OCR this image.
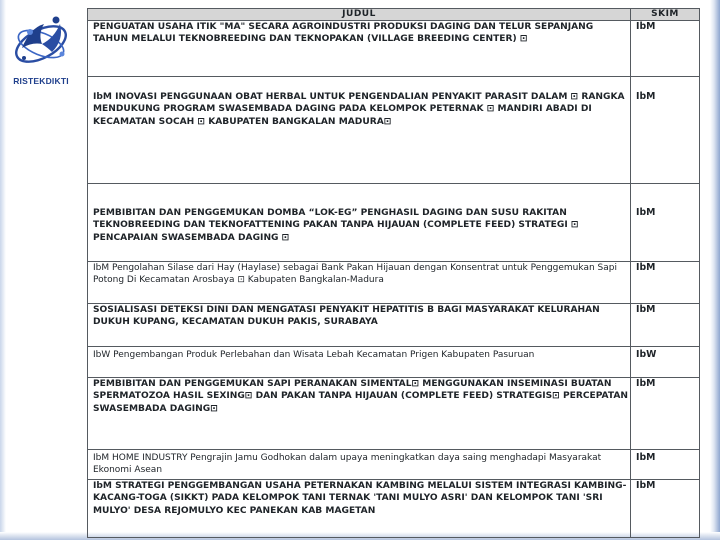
RISTEKDIKTI
JUDUL	SKIM
PENGUATAN USAHA ITIK "MA" SECARA AGROINDUSTRI PRODUKSI DAGING DAN TELUR SEPANJANG TAHUN MELALUI TEKNOBREEDING DAN TEKNOPAKAN (VILLAGE BREEDING CENTER) ⊡	IbM
IbM INOVASI PENGGUNAAN OBAT HERBAL UNTUK PENGENDALIAN PENYAKIT PARASIT DALAM ⊡ RANGKA MENDUKUNG PROGRAM SWASEMBADA DAGING PADA KELOMPOK PETERNAK ⊡ MANDIRI ABADI DI KECAMATAN SOCAH ⊡ KABUPATEN BANGKALAN MADURA⊡	IbM
PEMBIBITAN DAN PENGGEMUKAN DOMBA “LOK-EG” PENGHASIL DAGING DAN SUSU RAKITAN TEKNOBREEDING DAN TEKNOFATTENING PAKAN TANPA HIJAUAN (COMPLETE FEED) STRATEGI ⊡ PENCAPAIAN SWASEMBADA DAGING ⊡	IbM
IbM Pengolahan Silase dari Hay (Haylase) sebagai Bank Pakan Hijauan dengan Konsentrat untuk Penggemukan Sapi Potong Di Kecamatan Arosbaya ⊡ Kabupaten Bangkalan-Madura	IbM
SOSIALISASI DETEKSI DINI DAN MENGATASI PENYAKIT HEPATITIS B BAGI MASYARAKAT KELURAHAN DUKUH KUPANG, KECAMATAN DUKUH PAKIS, SURABAYA	IbM
IbW Pengembangan Produk Perlebahan dan Wisata Lebah Kecamatan Prigen Kabupaten Pasuruan	IbW
PEMBIBITAN DAN PENGGEMUKAN SAPI PERANAKAN SIMENTAL⊡ MENGGUNAKAN INSEMINASI BUATAN SPERMATOZOA HASIL SEXING⊡ DAN PAKAN TANPA HIJAUAN (COMPLETE FEED) STRATEGIS⊡ PERCEPATAN SWASEMBADA DAGING⊡	IbM
IbM HOME INDUSTRY Pengrajin Jamu Godhokan dalam upaya meningkatkan daya saing menghadapi Masyarakat Ekonomi Asean	IbM
IbM STRATEGI PENGGEMBANGAN USAHA PETERNAKAN KAMBING MELALUI SISTEM INTEGRASI KAMBING-KACANG-TOGA (SIKKT) PADA KELOMPOK TANI TERNAK 'TANI MULYO ASRI' DAN KELOMPOK TANI 'SRI MULYO' DESA REJOMULYO KEC PANEKAN KAB MAGETAN	IbM
